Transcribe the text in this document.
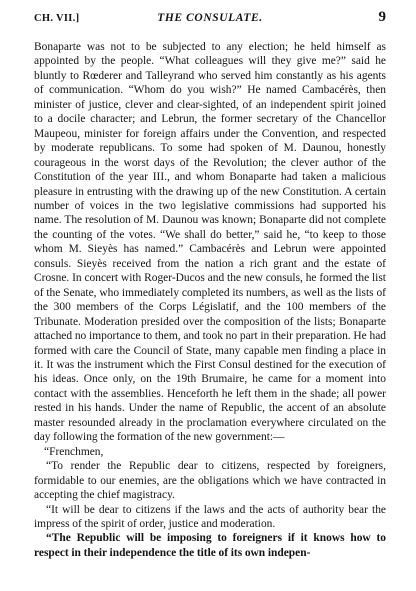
CH. VII.]	THE CONSULATE.	9

Bonaparte was not to be subjected to any election; he held himself as appointed by the people. “What colleagues will they give me?” said he bluntly to Rœderer and Talleyrand who served him constantly as his agents of communication. “Whom do you wish?” He named Cambacérès, then minister of justice, clever and clear-sighted, of an independent spirit joined to a docile character; and Lebrun, the former secretary of the Chancellor Maupeou, minister for foreign affairs under the Convention, and respected by moderate republicans. To some had spoken of M. Daunou, honestly courageous in the worst days of the Revolution; the clever author of the Constitution of the year III., and whom Bonaparte had taken a malicious pleasure in entrusting with the drawing up of the new Constitution. A certain number of voices in the two legislative commissions had supported his name. The resolution of M. Daunou was known; Bonaparte did not complete the counting of the votes. “We shall do better,” said he, “to keep to those whom M. Sieyès has named.” Cambacérès and Lebrun were appointed consuls. Sieyès received from the nation a rich grant and the estate of Crosne. In concert with Roger-Ducos and the new consuls, he formed the list of the Senate, who immediately completed its numbers, as well as the lists of the 300 members of the Corps Législatif, and the 100 members of the Tribunate. Moderation presided over the composition of the lists; Bonaparte attached no importance to them, and took no part in their preparation. He had formed with care the Council of State, many capable men finding a place in it. It was the instrument which the First Consul destined for the execution of his ideas. Once only, on the 19th Brumaire, he came for a moment into contact with the assemblies. Henceforth he left them in the shade; all power rested in his hands. Under the name of Republic, the accent of an absolute master resounded already in the proclamation everywhere circulated on the day following the formation of the new government:—

“Frenchmen,

“To render the Republic dear to citizens, respected by foreigners, formidable to our enemies, are the obligations which we have contracted in accepting the chief magistracy.

“It will be dear to citizens if the laws and the acts of authority bear the impress of the spirit of order, justice and moderation.

“The Republic will be imposing to foreigners if it knows how to respect in their independence the title of its own indepen-
